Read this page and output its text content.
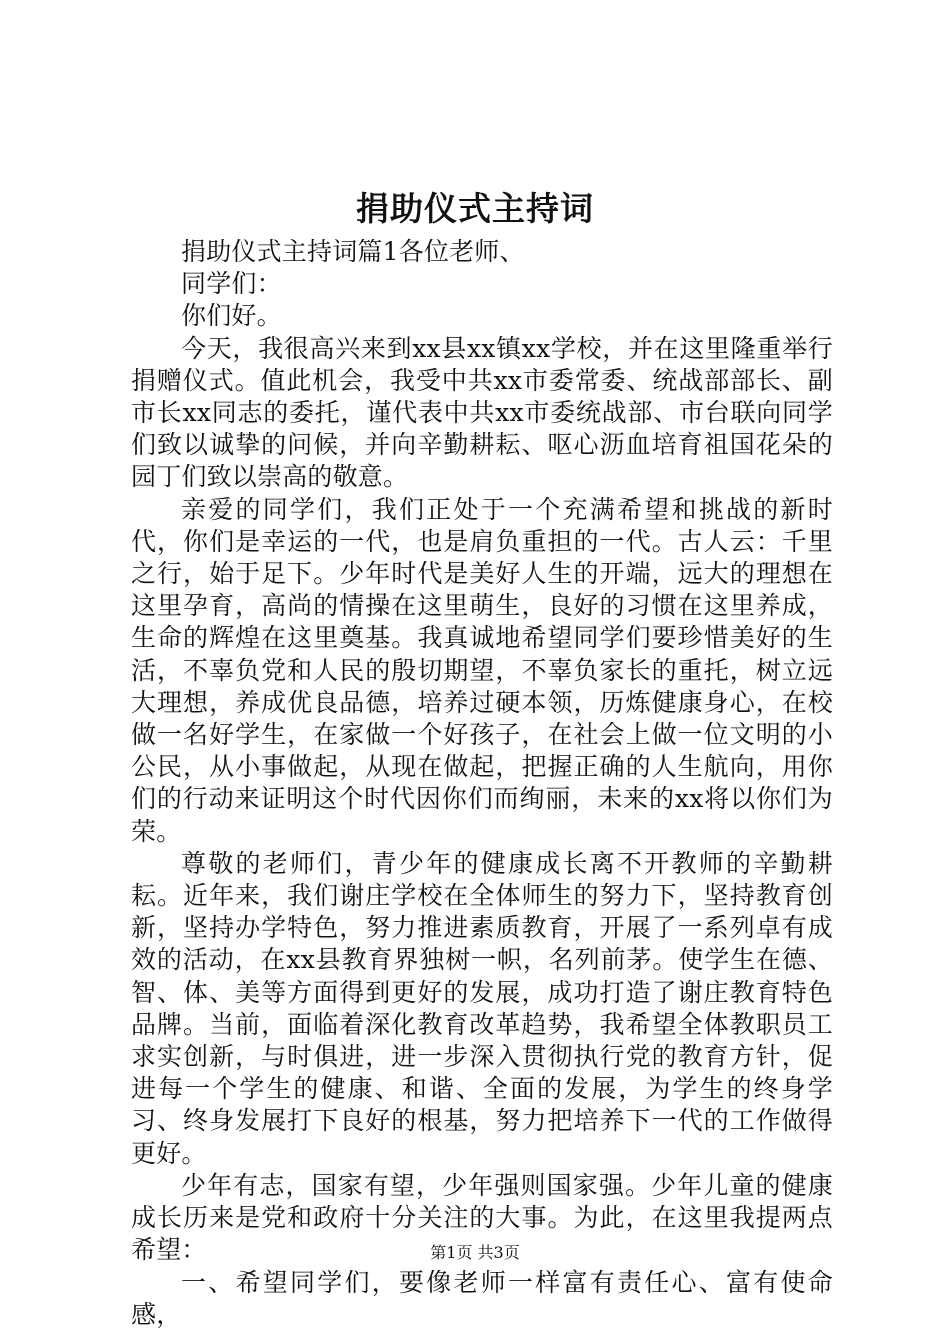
捐助仪式主持词

捐助仪式主持词篇1各位老师、

同学们：

你们好。

今天，我很高兴来到xx县xx镇xx学校，并在这里隆重举行捐赠仪式。值此机会，我受中共xx市委常委、统战部部长、副市长xx同志的委托，谨代表中共xx市委统战部、市台联向同学们致以诚挚的问候，并向辛勤耕耘、呕心沥血培育祖国花朵的园丁们致以崇高的敬意。

亲爱的同学们，我们正处于一个充满希望和挑战的新时代，你们是幸运的一代，也是肩负重担的一代。古人云：千里之行，始于足下。少年时代是美好人生的开端，远大的理想在这里孕育，高尚的情操在这里萌生，良好的习惯在这里养成，生命的辉煌在这里奠基。我真诚地希望同学们要珍惜美好的生活，不辜负党和人民的殷切期望，不辜负家长的重托，树立远大理想，养成优良品德，培养过硬本领，历炼健康身心，在校做一名好学生，在家做一个好孩子，在社会上做一位文明的小公民，从小事做起，从现在做起，把握正确的人生航向，用你们的行动来证明这个时代因你们而绚丽，未来的xx将以你们为荣。

尊敬的老师们，青少年的健康成长离不开教师的辛勤耕耘。近年来，我们谢庄学校在全体师生的努力下，坚持教育创新，坚持办学特色，努力推进素质教育，开展了一系列卓有成效的活动，在xx县教育界独树一帜，名列前茅。使学生在德、智、体、美等方面得到更好的发展，成功打造了谢庄教育特色品牌。当前，面临着深化教育改革趋势，我希望全体教职员工求实创新，与时俱进，进一步深入贯彻执行党的教育方针，促进每一个学生的健康、和谐、全面的发展，为学生的终身学习、终身发展打下良好的根基，努力把培养下一代的工作做得更好。

少年有志，国家有望，少年强则国家强。少年儿童的健康成长历来是党和政府十分关注的大事。为此，在这里我提两点希望：

一、希望同学们，要像老师一样富有责任心、富有使命感，

第1页 共3页
